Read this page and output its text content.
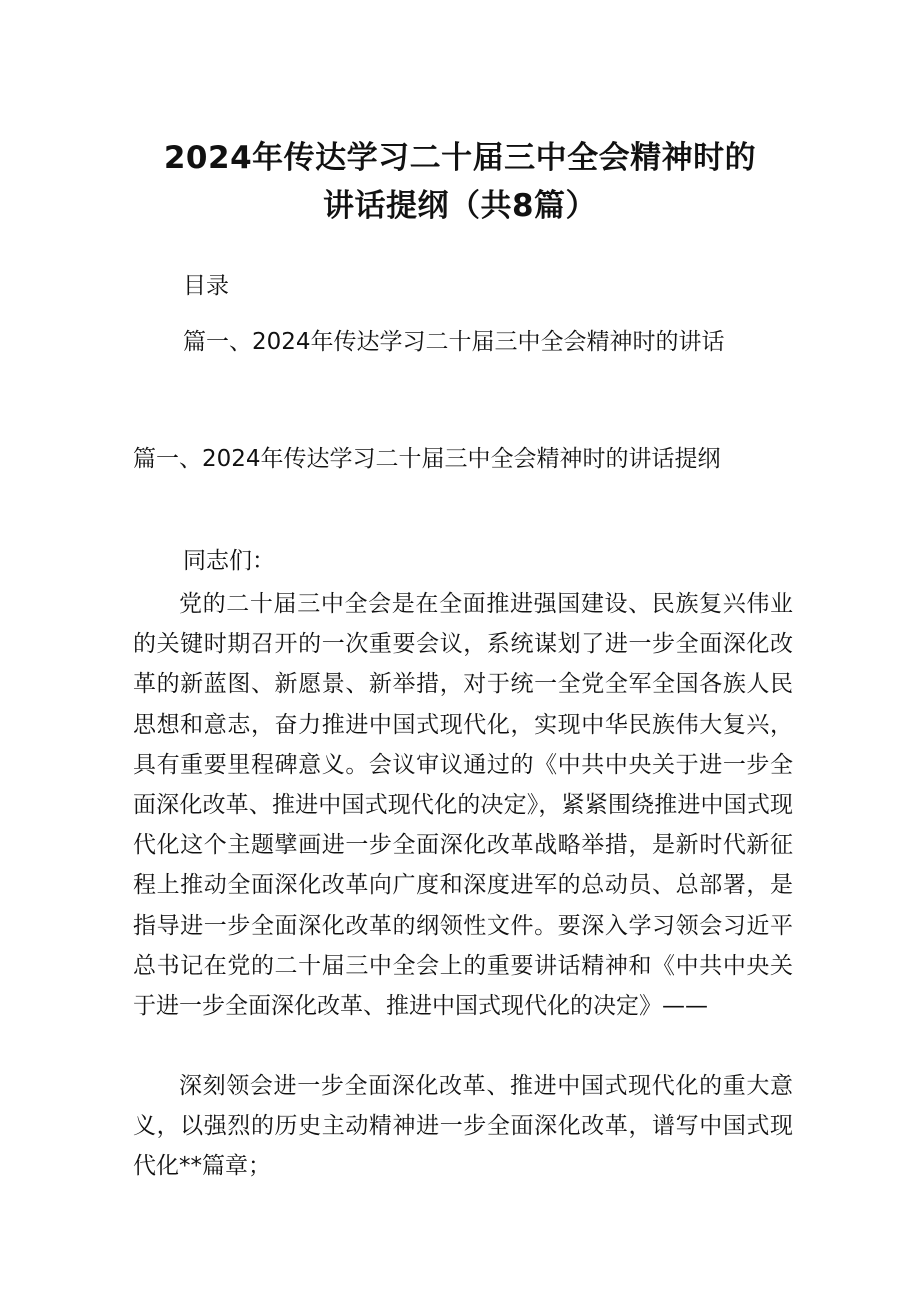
2024年传达学习二十届三中全会精神时的
讲话提纲（共8篇）
目录
篇一、2024年传达学习二十届三中全会精神时的讲话
篇一、2024年传达学习二十届三中全会精神时的讲话提纲
同志们：

党的二十届三中全会是在全面推进强国建设、民族复兴伟业的关键时期召开的一次重要会议，系统谋划了进一步全面深化改革的新蓝图、新愿景、新举措，对于统一全党全军全国各族人民思想和意志，奋力推进中国式现代化，实现中华民族伟大复兴，具有重要里程碑意义。会议审议通过的《中共中央关于进一步全面深化改革、推进中国式现代化的决定》，紧紧围绕推进中国式现代化这个主题擘画进一步全面深化改革战略举措，是新时代新征程上推动全面深化改革向广度和深度进军的总动员、总部署，是指导进一步全面深化改革的纲领性文件。要深入学习领会习近平总书记在党的二十届三中全会上的重要讲话精神和《中共中央关于进一步全面深化改革、推进中国式现代化的决定》——

深刻领会进一步全面深化改革、推进中国式现代化的重大意义，以强烈的历史主动精神进一步全面深化改革，谱写中国式现代化**篇章；
